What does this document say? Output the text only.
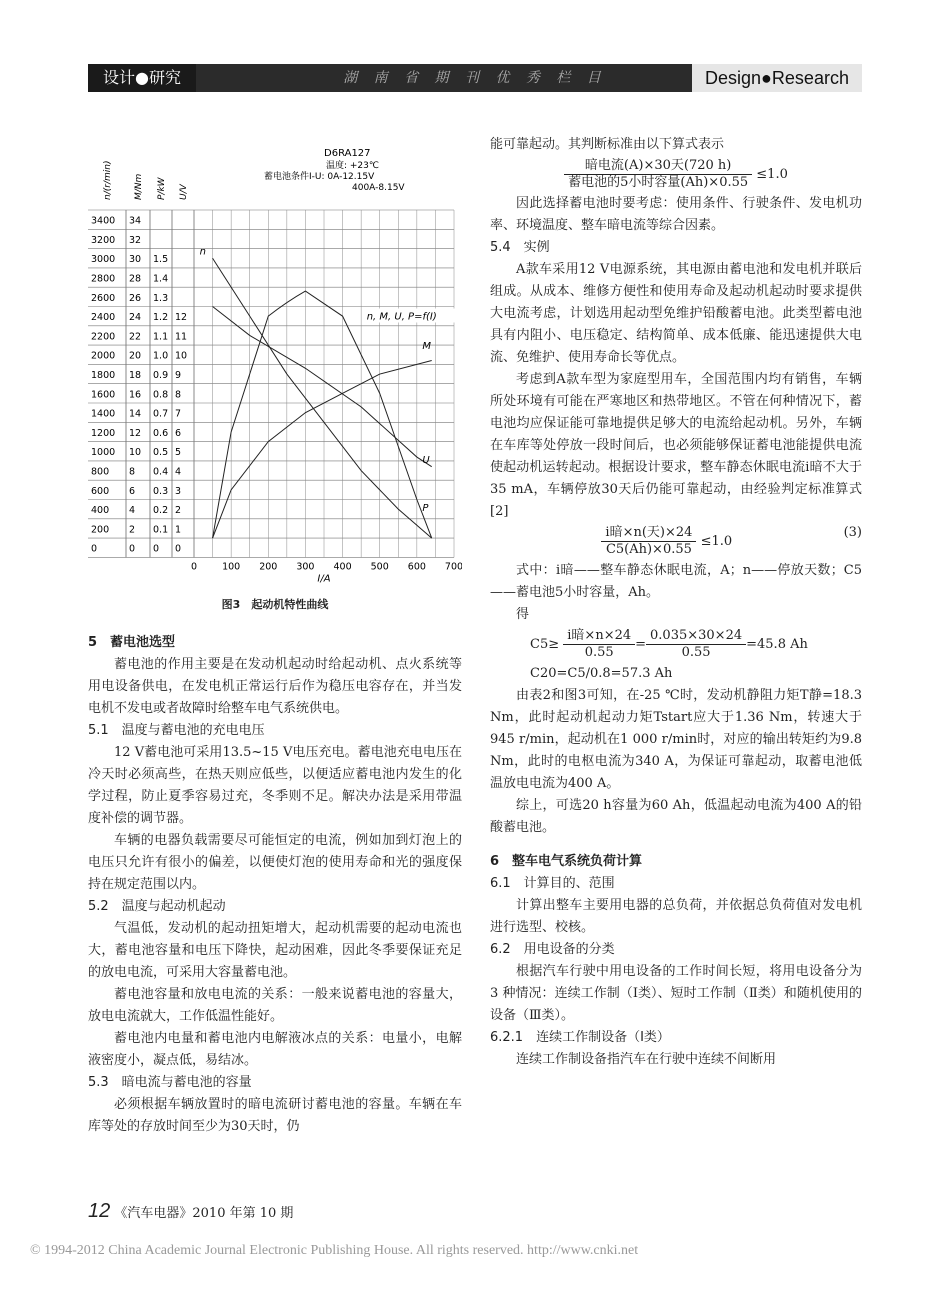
湖 南 省 期 刊 优 秀 栏 目
设计●研究	Design●Research
D6RA127
温度: +23℃
蓄电池条件I-U: 0A-12.15V
400A-8.15V
n/(r/min) M/Nm P/kW U/V
3400
3200
3000
2800
2600
2400
2200
2000
1800
1600
1400
1200
1000
800
600
400
200
0
34
32
30
28
26
24
22
20
18
16
14
12
10
8
6
4
2
0
1.5
1.4
1.3
1.2
1.1
1.0
0.9
0.8
0.7
0.6
0.5
0.4
0.3
0.2
0.1
0
12
11
10
9
8
7
6
5
4
3
2
1
0
0	100 200 300 400 500 600 700
I/A
n, M, U, P=f(I)
n
M
U
P
图3　起动机特性曲线
5　蓄电池选型

蓄电池的作用主要是在发动机起动时给起动机、点火系统等用电设备供电，在发电机正常运行后作为稳压电容存在，并当发电机不发电或者故障时给整车电气系统供电。

5.1　温度与蓄电池的充电电压

12 V蓄电池可采用13.5~15 V电压充电。蓄电池充电电压在冷天时必须高些，在热天则应低些，以便适应蓄电池内发生的化学过程，防止夏季容易过充，冬季则不足。解决办法是采用带温度补偿的调节器。

车辆的电器负载需要尽可能恒定的电流，例如加到灯泡上的电压只允许有很小的偏差，以便使灯泡的使用寿命和光的强度保持在规定范围以内。

5.2　温度与起动机起动

气温低，发动机的起动扭矩增大，起动机需要的起动电流也大，蓄电池容量和电压下降快，起动困难，因此冬季要保证充足的放电电流，可采用大容量蓄电池。

蓄电池容量和放电电流的关系：一般来说蓄电池的容量大，放电电流就大，工作低温性能好。

蓄电池内电量和蓄电池内电解液冰点的关系：电量小，电解液密度小，凝点低，易结冰。

5.3　暗电流与蓄电池的容量

必须根据车辆放置时的暗电流研讨蓄电池的容量。车辆在车库等处的存放时间至少为30天时，仍

能可靠起动。其判断标准由以下算式表示

$\frac{\text{暗电流(A)×30天(720 h)}}{\text{蓄电池的5小时容量(Ah)×0.55}} \le 1.0$

因此选择蓄电池时要考虑：使用条件、行驶条件、发电机功率、环境温度、整车暗电流等综合因素。

5.4　实例

A款车采用12 V电源系统，其电源由蓄电池和发电机并联后组成。从成本、维修方便性和使用寿命及起动机起动时要求提供大电流考虑，计划选用起动型免维护铅酸蓄电池。此类型蓄电池具有内阻小、电压稳定、结构简单、成本低廉、能迅速提供大电流、免维护、使用寿命长等优点。

考虑到A款车型为家庭型用车，全国范围内均有销售，车辆所处环境有可能在严寒地区和热带地区。不管在何种情况下，蓄电池均应保证能可靠地提供足够大的电流给起动机。另外，车辆在车库等处停放一段时间后，也必须能够保证蓄电池能提供电流使起动机运转起动。根据设计要求，整车静态休眠电流i暗不大于35 mA，车辆停放30天后仍能可靠起动，由经验判定标准算式[2]

(3)
$\frac{\text{i暗×n(天)×24}}{C5(Ah)\times 0.55} \le 1.0$

式中：i暗——整车静态休眠电流，A；n——停放天数；C5——蓄电池5小时容量，Ah。

得

$C5\ge \frac{\text{i暗×n×24}}{0.55} = \frac{0.035\times 30\times 24}{0.55} =45.8$ Ah

C20=C5/0.8=57.3 Ah

由表2和图3可知，在-25 ℃时，发动机静阻力矩T静=18.3 Nm，此时起动机起动力矩Tstart应大于1.36 Nm，转速大于945 r/min，起动机在1 000 r/min时，对应的输出转矩约为9.8 Nm，此时的电枢电流为340 A，为保证可靠起动，取蓄电池低温放电电流为400 A。

综上，可选20 h容量为60 Ah，低温起动电流为400 A的铅酸蓄电池。

6　整车电气系统负荷计算
6.1　计算目的、范围

计算出整车主要用电器的总负荷，并依据总负荷值对发电机进行选型、校核。

6.2　用电设备的分类

根据汽车行驶中用电设备的工作时间长短，将用电设备分为 3 种情况：连续工作制（Ⅰ类）、短时工作制（Ⅱ类）和随机使用的设备（Ⅲ类）。

6.2.1　连续工作制设备（Ⅰ类）

连续工作制设备指汽车在行驶中连续不间断用

12 《汽车电器》2010 年第 10 期
© 1994-2012 China Academic Journal Electronic Publishing House. All rights reserved. http://www.cnki.net
